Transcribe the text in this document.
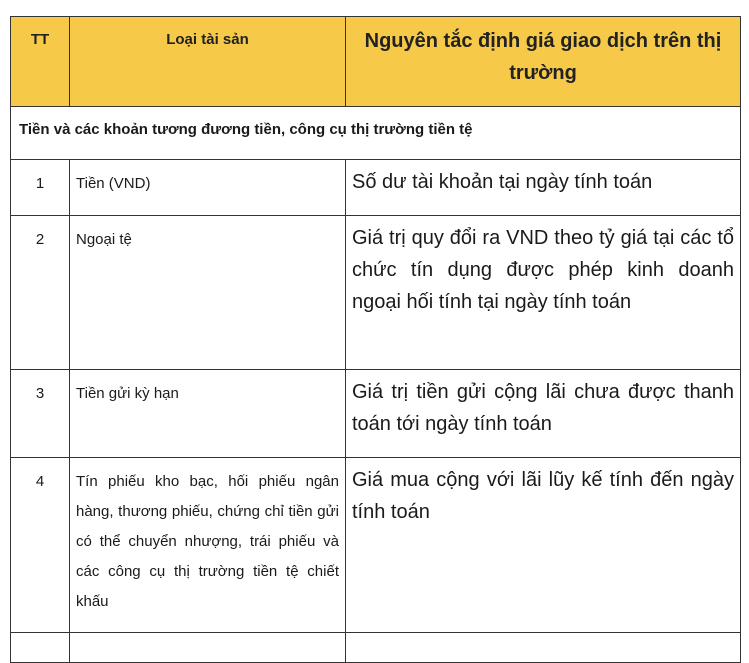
TT	Loại tài sản	Nguyên tắc định giá giao dịch trên thị trường
Tiền và các khoản tương đương tiền, công cụ thị trường tiền tệ		
1	Tiền (VND)	Số dư tài khoản tại ngày tính toán
2	Ngoại tệ	Giá trị quy đổi ra VND theo tỷ giá tại các tổ chức tín dụng được phép kinh doanh ngoại hối tính tại ngày tính toán
3	Tiền gửi kỳ hạn	Giá trị tiền gửi cộng lãi chưa được thanh toán tới ngày tính toán
4	Tín phiếu kho bạc, hối phiếu ngân hàng, thương phiếu, chứng chỉ tiền gửi có thể chuyển nhượng, trái phiếu và các công cụ thị trường tiền tệ chiết khấu	Giá mua cộng với lãi lũy kế tính đến ngày tính toán
